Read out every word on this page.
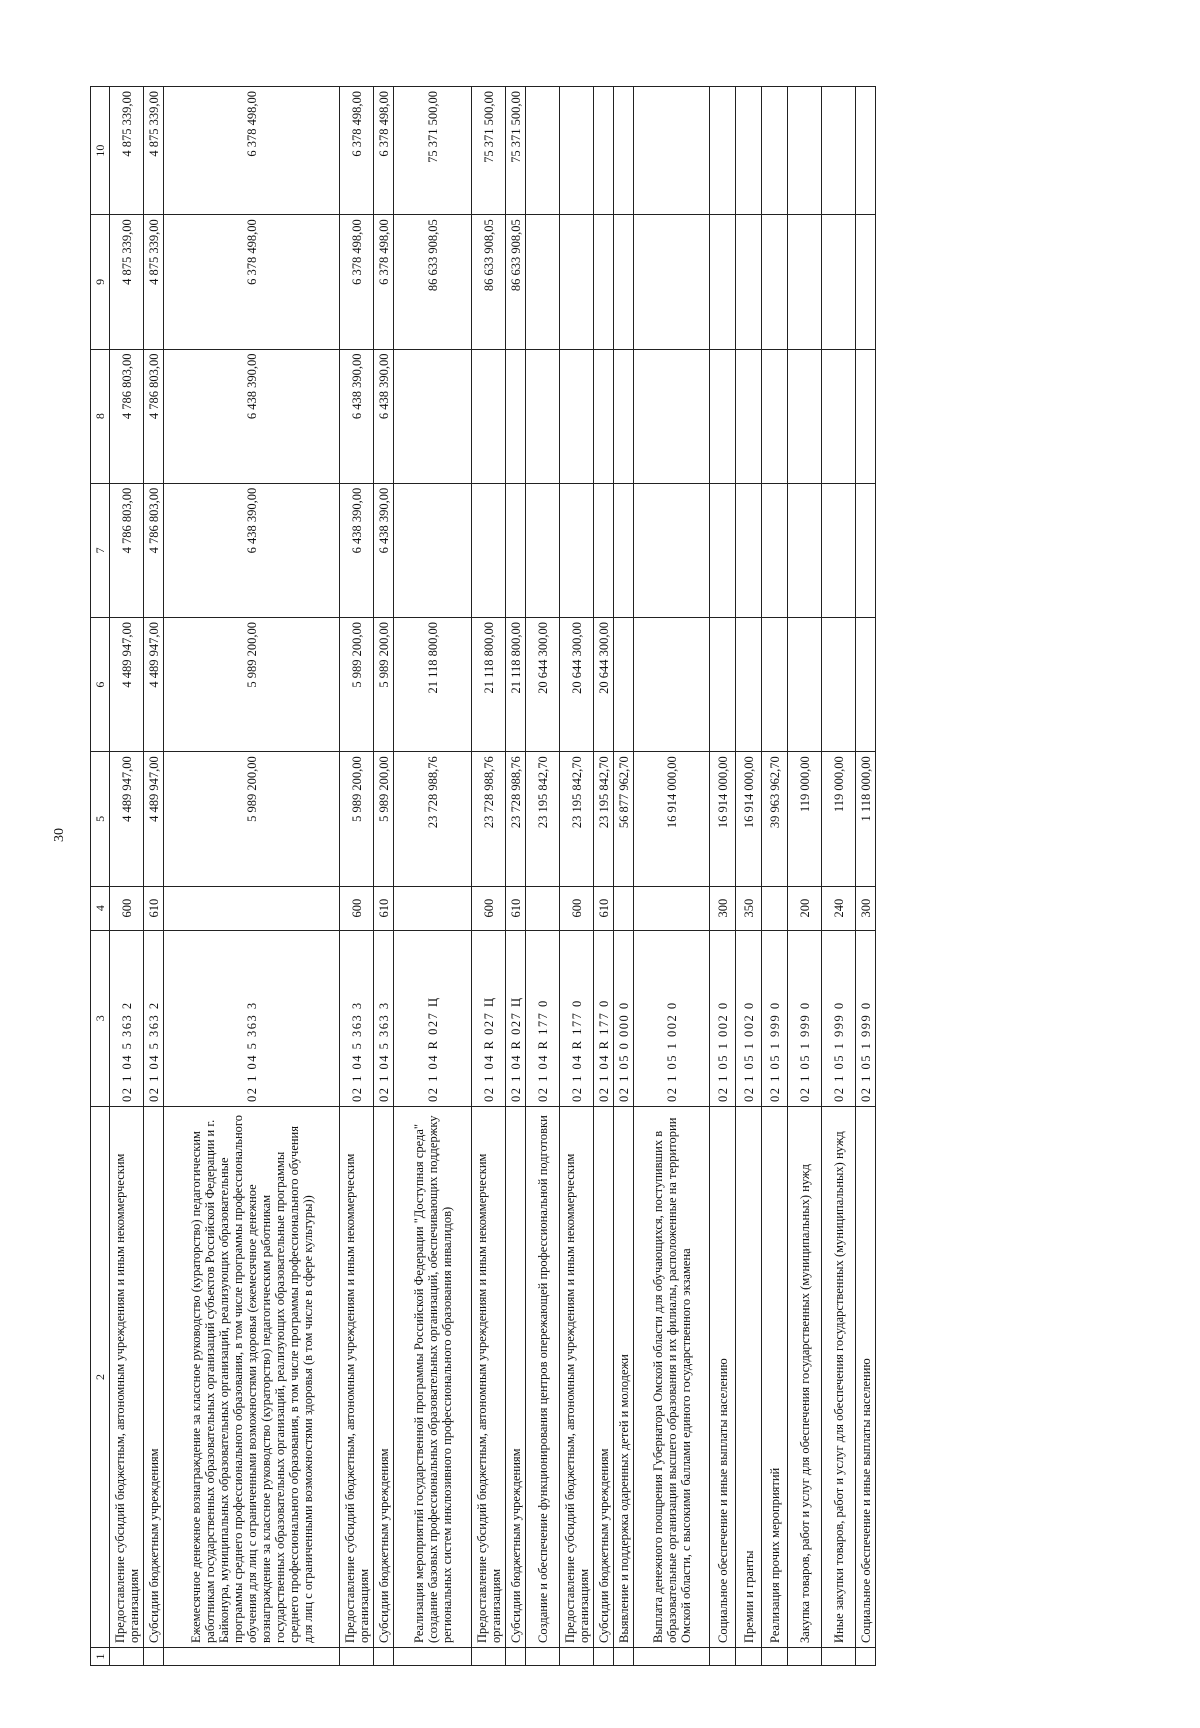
30
1	2	3	4	5	6	7	8	9	10
	Предоставление субсидий бюджетным, автономным учреждениям и иным некоммерческим организациям	02 1 04 5 363 2	600	4 489 947,00	4 489 947,00	4 786 803,00	4 786 803,00	4 875 339,00	4 875 339,00
	Субсидии бюджетным учреждениям	02 1 04 5 363 2	610	4 489 947,00	4 489 947,00	4 786 803,00	4 786 803,00	4 875 339,00	4 875 339,00
	Ежемесячное денежное вознаграждение за классное руководство (кураторство) педагогическим работникам государственных образовательных организаций субъектов Российской Федерации и г. Байконура, муниципальных образовательных организаций, реализующих образовательные программы среднего профессионального образования, в том числе программы профессионального обучения для лиц с ограниченными возможностями здоровья (ежемесячное денежное вознаграждение за классное руководство (кураторство) педагогическим работникам государственных образовательных организаций, реализующих образовательные программы среднего профессионального образования, в том числе программы профессионального обучения для лиц с ограниченными возможностями здоровья (в том числе в сфере культуры))	02 1 04 5 363 3		5 989 200,00	5 989 200,00	6 438 390,00	6 438 390,00	6 378 498,00	6 378 498,00
	Предоставление субсидий бюджетным, автономным учреждениям и иным некоммерческим организациям	02 1 04 5 363 3	600	5 989 200,00	5 989 200,00	6 438 390,00	6 438 390,00	6 378 498,00	6 378 498,00
	Субсидии бюджетным учреждениям	02 1 04 5 363 3	610	5 989 200,00	5 989 200,00	6 438 390,00	6 438 390,00	6 378 498,00	6 378 498,00
	Реализация мероприятий государственной программы Российской Федерации "Доступная среда" (создание базовых профессиональных образовательных организаций, обеспечивающих поддержку региональных систем инклюзивного профессионального образования инвалидов)	02 1 04 R 027 Ц		23 728 988,76	21 118 800,00			86 633 908,05	75 371 500,00
	Предоставление субсидий бюджетным, автономным учреждениям и иным некоммерческим организациям	02 1 04 R 027 Ц	600	23 728 988,76	21 118 800,00			86 633 908,05	75 371 500,00
	Субсидии бюджетным учреждениям	02 1 04 R 027 Ц	610	23 728 988,76	21 118 800,00			86 633 908,05	75 371 500,00
	Создание и обеспечение функционирования центров опережающей профессиональной подготовки	02 1 04 R 177 0		23 195 842,70	20 644 300,00				
	Предоставление субсидий бюджетным, автономным учреждениям и иным некоммерческим организациям	02 1 04 R 177 0	600	23 195 842,70	20 644 300,00				
	Субсидии бюджетным учреждениям	02 1 04 R 177 0	610	23 195 842,70	20 644 300,00				
	Выявление и поддержка одаренных детей и молодежи	02 1 05 0 000 0		56 877 962,70					
	Выплата денежного поощрения Губернатора Омской области для обучающихся, поступивших в образовательные организации высшего образования и их филиалы, расположенные на территории Омской области, с высокими баллами единого государственного экзамена	02 1 05 1 002 0		16 914 000,00					
	Социальное обеспечение и иные выплаты населению	02 1 05 1 002 0	300	16 914 000,00					
	Премии и гранты	02 1 05 1 002 0	350	16 914 000,00					
	Реализация прочих мероприятий	02 1 05 1 999 0		39 963 962,70					
	Закупка товаров, работ и услуг для обеспечения государственных (муниципальных) нужд	02 1 05 1 999 0	200	119 000,00					
	Иные закупки товаров, работ и услуг для обеспечения государственных (муниципальных) нужд	02 1 05 1 999 0	240	119 000,00					
	Социальное обеспечение и иные выплаты населению	02 1 05 1 999 0	300	1 118 000,00					
